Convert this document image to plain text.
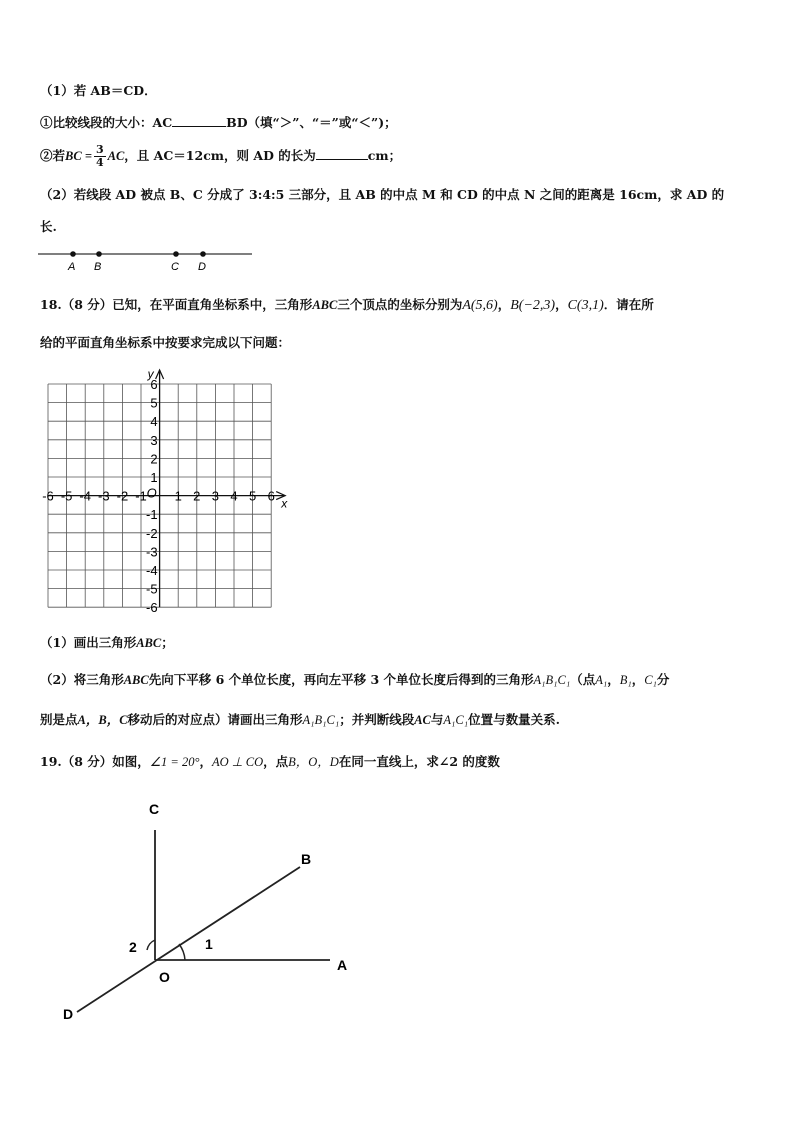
（1）若 AB＝CD．
①比较线段的大小：AC	BD（填“＞”、“＝”或“＜”)；
②若BC = $\frac{3}{4}$ AC，且 AC＝12cm，则 AD 的长为	cm；
（2）若线段 AD 被点 B、C 分成了 3:4:5 三部分，且 AB 的中点 M 和 CD 的中点 N 之间的距离是 16cm，求 AD 的
长.
A B	C D
18.（8 分）已知，在平面直角坐标系中，三角形ABC三个顶点的坐标分别为A(5,6)，B(−2,3)，C(3,1)．请在所
给的平面直角坐标系中按要求完成以下问题：
x
y
O
-6 -5 -4 -3 -2 -1 1 2 3 4 5 6
6
5
4
3
2
1
-1
-2
-3
-4
-5
-6
（1）画出三角形ABC；
（2）将三角形ABC先向下平移 6 个单位长度，再向左平移 3 个单位长度后得到的三角形A₁B₁C₁（点A₁，B₁，C₁分
别是点A，B，C移动后的对应点）请画出三角形A₁B₁C₁；并判断线段AC与A₁C₁位置与数量关系.
19.（8 分）如图，∠1 = 20°，AO ⊥ CO，点B，O，D在同一直线上，求∠2 的度数
C
B
A
O
D
1
2
